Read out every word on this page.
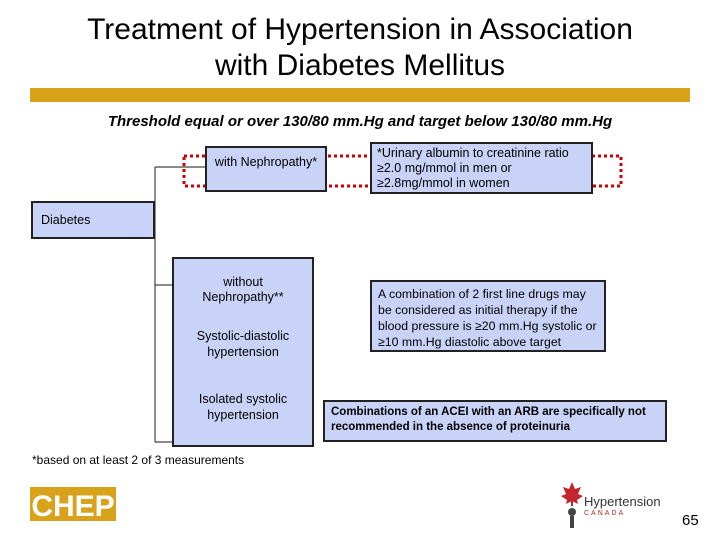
Treatment of Hypertension in Association
with Diabetes Mellitus
Threshold equal or over 130/80 mm.Hg and target below 130/80 mm.Hg
with Nephropathy*
*Urinary albumin to creatinine ratio ≥2.0 mg/mmol in men or ≥2.8mg/mmol in women
Diabetes
without Nephropathy**
Systolic-diastolic hypertension
Isolated systolic hypertension
A combination of 2 first line drugs may be considered as initial therapy if the blood pressure is ≥20 mm.Hg systolic or ≥10 mm.Hg diastolic above target
Combinations of an ACEI with an ARB are specifically not recommended in the absence of proteinuria
*based on at least 2 of 3 measurements
CHEP	Hypertension
CANADA	65
